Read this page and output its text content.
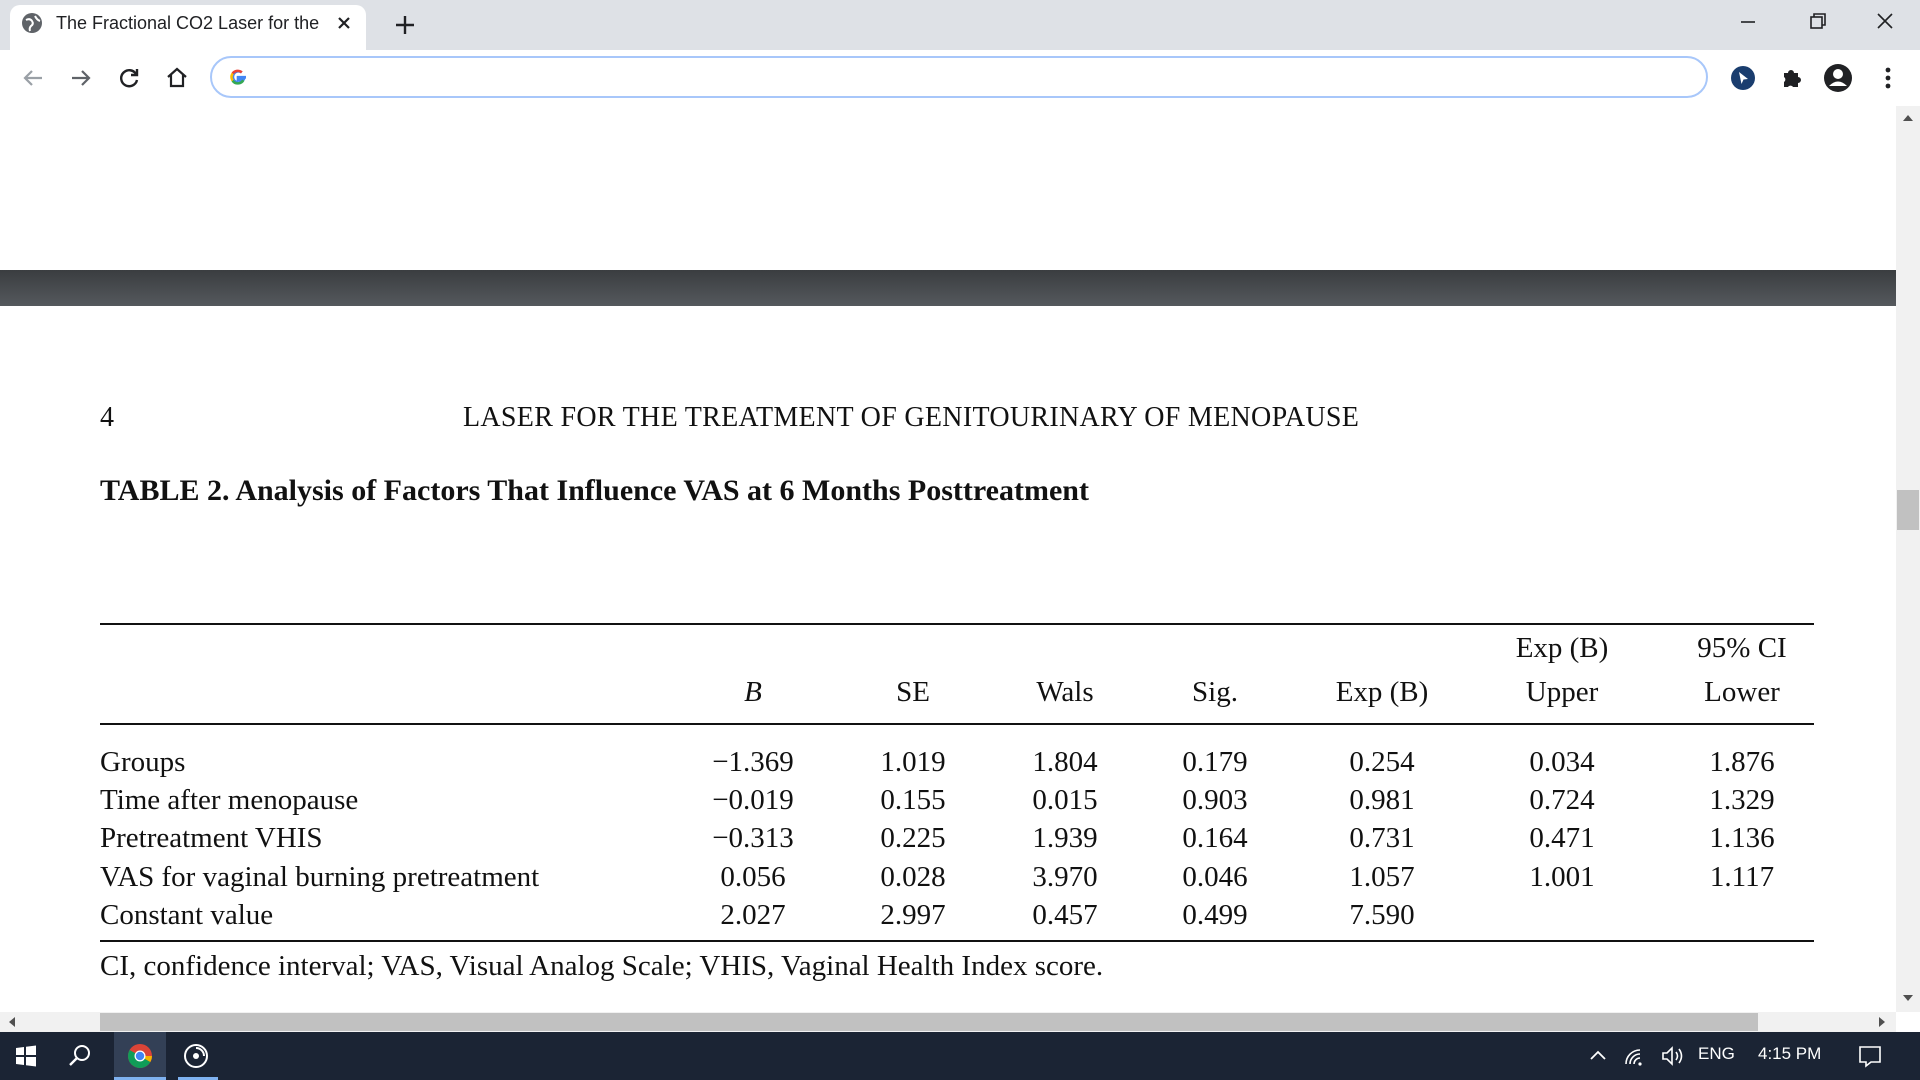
The Fractional CO2 Laser for the
4	LASER FOR THE TREATMENT OF GENITOURINARY OF MENOPAUSE
TABLE 2. Analysis of Factors That Influence VAS at 6 Months Posttreatment
Exp (B)	95% CI
B	SE	Wals	Sig.	Exp (B)	Upper	Lower
Groups	−1.369	1.019	1.804	0.179	0.254	0.034	1.876
Time after menopause	−0.019	0.155	0.015	0.903	0.981	0.724	1.329
Pretreatment VHIS	−0.313	0.225	1.939	0.164	0.731	0.471	1.136
VAS for vaginal burning pretreatment	0.056	0.028	3.970	0.046	1.057	1.001	1.117
Constant value	2.027	2.997	0.457	0.499	7.590
CI, confidence interval; VAS, Visual Analog Scale; VHIS, Vaginal Health Index score.
ENG 4:15 PM
